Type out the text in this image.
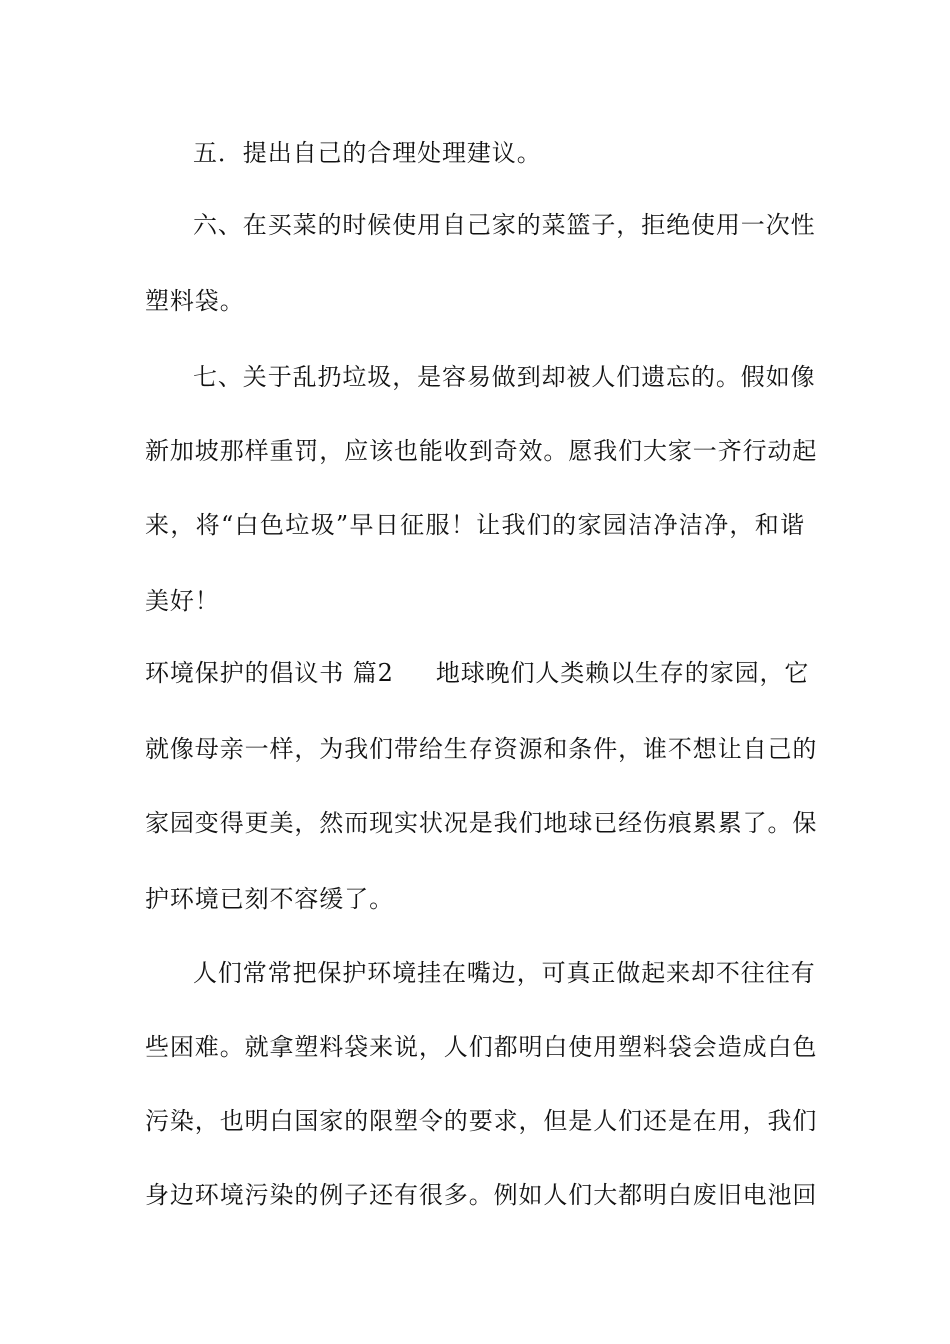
五．提出自己的合理处理建议。
六、在买菜的时候使用自己家的菜篮子，拒绝使用一次性
塑料袋。
七、关于乱扔垃圾，是容易做到却被人们遗忘的。假如像
新加坡那样重罚，应该也能收到奇效。愿我们大家一齐行动起
来，将“白色垃圾”早日征服！让我们的家园洁净洁净，和谐
美好！
环境保护的倡议书 篇2 地球晚们人类赖以生存的家园，它
就像母亲一样，为我们带给生存资源和条件，谁不想让自己的
家园变得更美，然而现实状况是我们地球已经伤痕累累了。保
护环境已刻不容缓了。
人们常常把保护环境挂在嘴边，可真正做起来却不往往有
些困难。就拿塑料袋来说，人们都明白使用塑料袋会造成白色
污染，也明白国家的限塑令的要求，但是人们还是在用，我们
身边环境污染的例子还有很多。例如人们大都明白废旧电池回
